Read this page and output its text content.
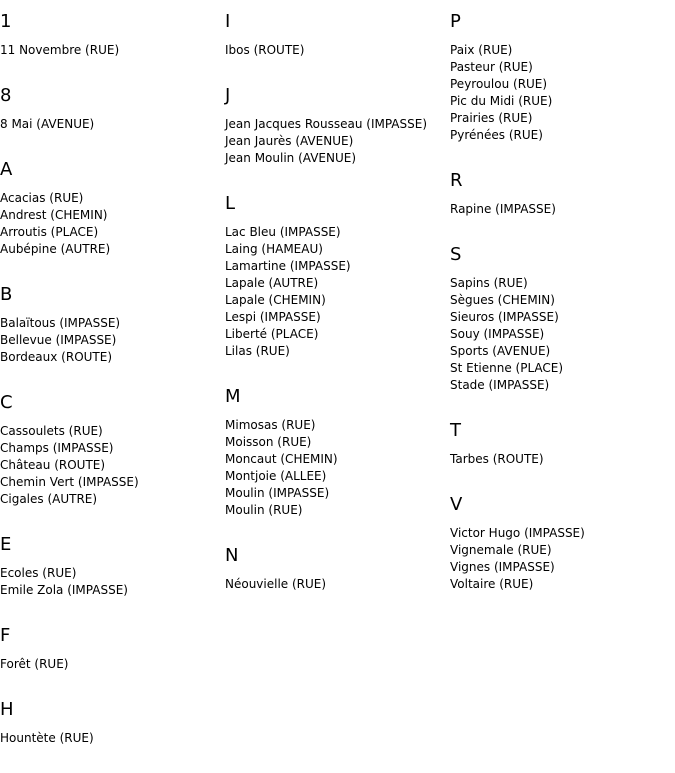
1
11 Novembre (RUE)
8
8 Mai (AVENUE)
A
Acacias (RUE)
Andrest (CHEMIN)
Arroutis (PLACE)
Aubépine (AUTRE)
B
Balaïtous (IMPASSE)
Bellevue (IMPASSE)
Bordeaux (ROUTE)
C
Cassoulets (RUE)
Champs (IMPASSE)
Château (ROUTE)
Chemin Vert (IMPASSE)
Cigales (AUTRE)
E
Ecoles (RUE)
Emile Zola (IMPASSE)
F
Forêt (RUE)
H
Hountète (RUE)
I
Ibos (ROUTE)
J
Jean Jacques Rousseau (IMPASSE)
Jean Jaurès (AVENUE)
Jean Moulin (AVENUE)
L
Lac Bleu (IMPASSE)
Laing (HAMEAU)
Lamartine (IMPASSE)
Lapale (AUTRE)
Lapale (CHEMIN)
Lespi (IMPASSE)
Liberté (PLACE)
Lilas (RUE)
M
Mimosas (RUE)
Moisson (RUE)
Moncaut (CHEMIN)
Montjoie (ALLEE)
Moulin (IMPASSE)
Moulin (RUE)
N
Néouvielle (RUE)
P
Paix (RUE)
Pasteur (RUE)
Peyroulou (RUE)
Pic du Midi (RUE)
Prairies (RUE)
Pyrénées (RUE)
R
Rapine (IMPASSE)
S
Sapins (RUE)
Sègues (CHEMIN)
Sieuros (IMPASSE)
Souy (IMPASSE)
Sports (AVENUE)
St Etienne (PLACE)
Stade (IMPASSE)
T
Tarbes (ROUTE)
V
Victor Hugo (IMPASSE)
Vignemale (RUE)
Vignes (IMPASSE)
Voltaire (RUE)
